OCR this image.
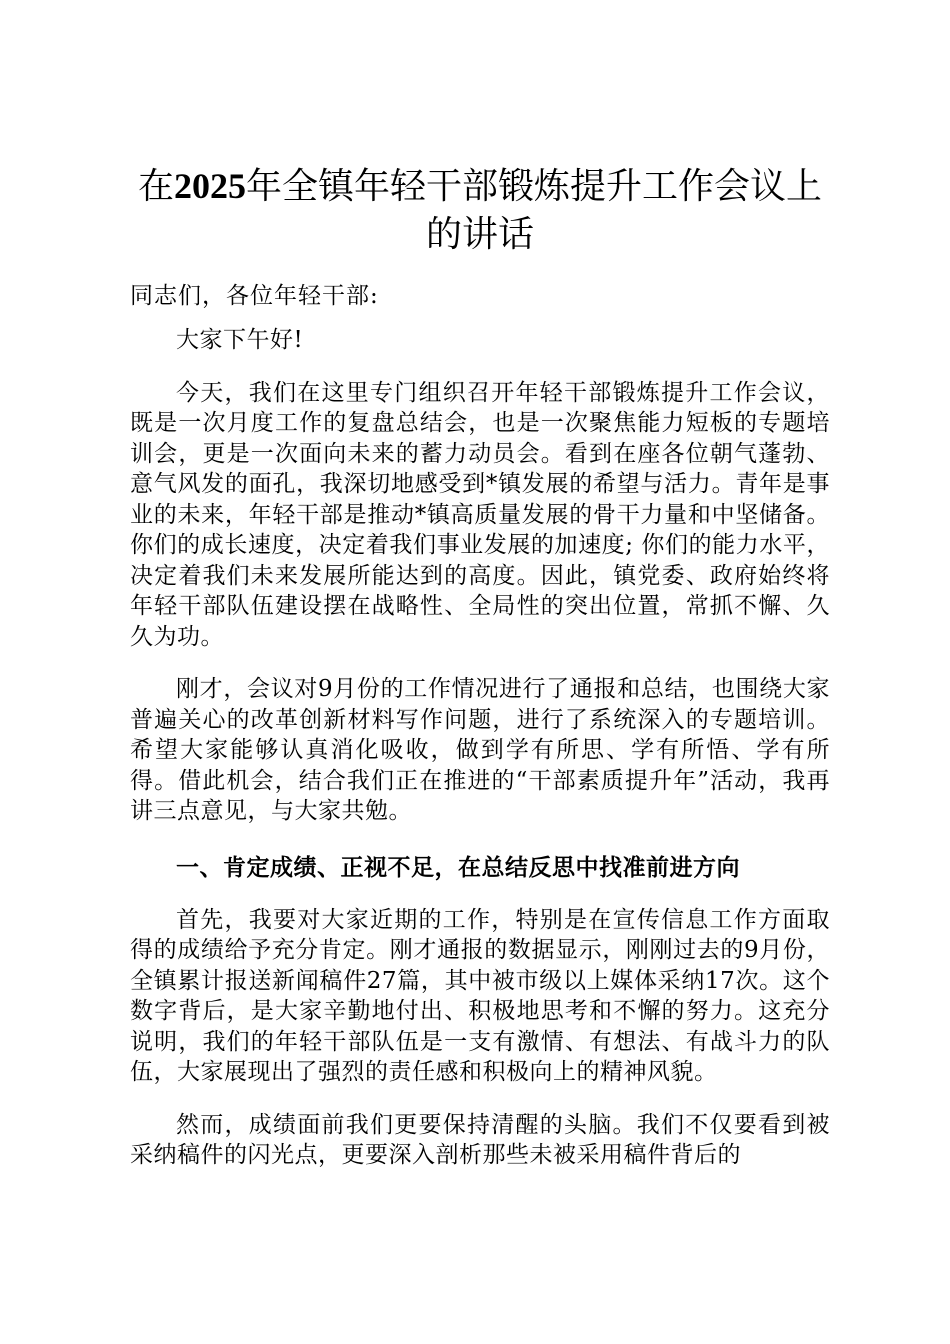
在2025年全镇年轻干部锻炼提升工作会议上的讲话

同志们，各位年轻干部:

大家下午好!

今天，我们在这里专门组织召开年轻干部锻炼提升工作会议，既是一次月度工作的复盘总结会，也是一次聚焦能力短板的专题培训会，更是一次面向未来的蓄力动员会。看到在座各位朝气蓬勃、意气风发的面孔，我深切地感受到*镇发展的希望与活力。青年是事业的未来，年轻干部是推动*镇高质量发展的骨干力量和中坚储备。你们的成长速度，决定着我们事业发展的加速度; 你们的能力水平，决定着我们未来发展所能达到的高度。因此，镇党委、政府始终将年轻干部队伍建设摆在战略性、全局性的突出位置，常抓不懈、久久为功。

刚才，会议对9月份的工作情况进行了通报和总结，也围绕大家普遍关心的改革创新材料写作问题，进行了系统深入的专题培训。希望大家能够认真消化吸收，做到学有所思、学有所悟、学有所得。借此机会，结合我们正在推进的“干部素质提升年”活动，我再讲三点意见，与大家共勉。

一、肯定成绩、正视不足，在总结反思中找准前进方向

首先，我要对大家近期的工作，特别是在宣传信息工作方面取得的成绩给予充分肯定。刚才通报的数据显示，刚刚过去的9月份，全镇累计报送新闻稿件27篇，其中被市级以上媒体采纳17次。这个数字背后，是大家辛勤地付出、积极地思考和不懈的努力。这充分说明，我们的年轻干部队伍是一支有激情、有想法、有战斗力的队伍，大家展现出了强烈的责任感和积极向上的精神风貌。

然而，成绩面前我们更要保持清醒的头脑。我们不仅要看到被采纳稿件的闪光点，更要深入剖析那些未被采用稿件背后的
